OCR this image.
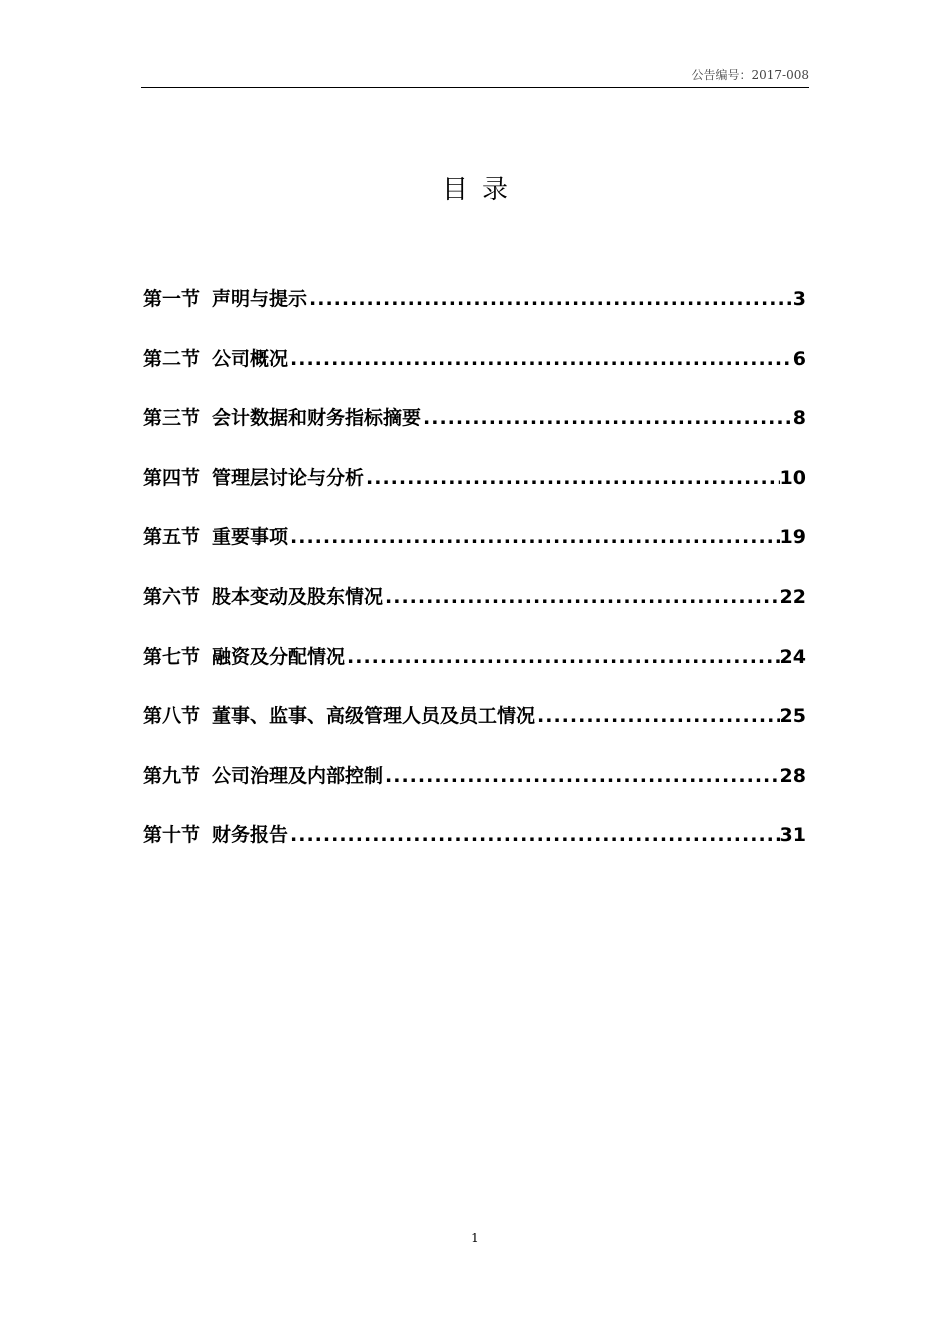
公告编号：2017-008
目录
第一节 声明与提示 .....	3
第二节 公司概况 .....	6
第三节 会计数据和财务指标摘要 .....	8
第四节 管理层讨论与分析 .....	10
第五节 重要事项 .....	19
第六节 股本变动及股东情况 .....	22
第七节 融资及分配情况 .....	24
第八节 董事、监事、高级管理人员及员工情况 .....	25
第九节 公司治理及内部控制 .....	28
第十节 财务报告 .....	31
1
